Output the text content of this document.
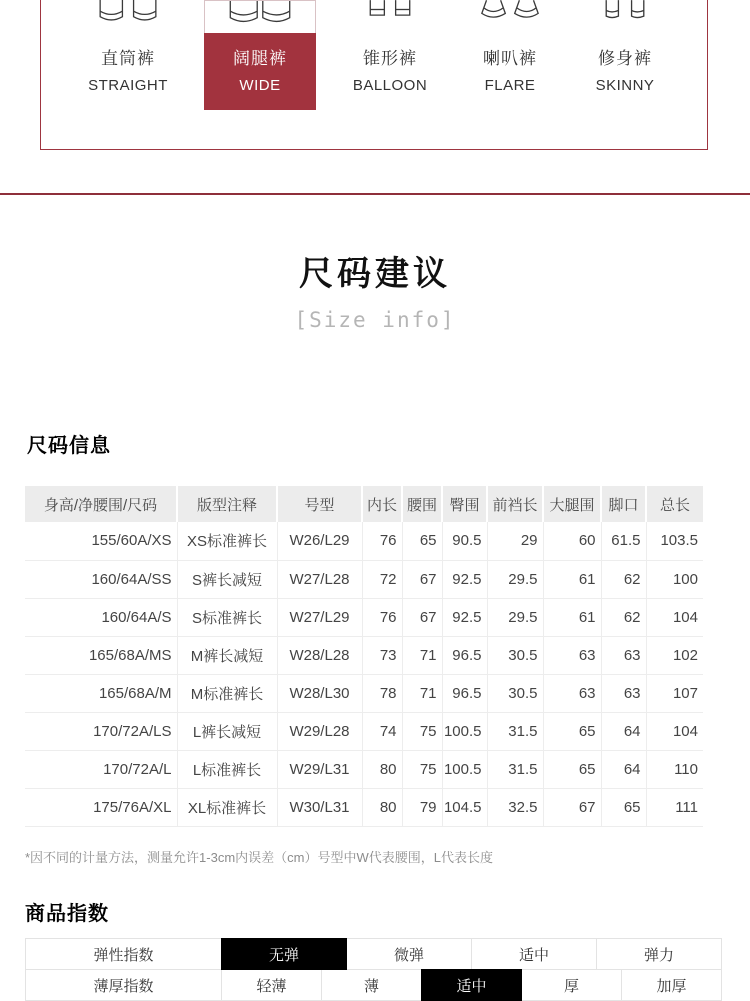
直筒裤
STRAIGHT
阔腿裤
WIDE
锥形裤
BALLOON
喇叭裤
FLARE
修身裤
SKINNY
尺码建议
[Size info]
尺码信息
身高/净腰围/尺码	版型注释	号型	内长	腰围	臀围	前裆长	大腿围	脚口	总长
155/60A/XS	XS标准裤长	W26/L29	76	65	90.5	29	60	61.5	103.5
160/64A/SS	S裤长减短	W27/L28	72	67	92.5	29.5	61	62	100
160/64A/S	S标准裤长	W27/L29	76	67	92.5	29.5	61	62	104
165/68A/MS	M裤长减短	W28/L28	73	71	96.5	30.5	63	63	102
165/68A/M	M标准裤长	W28/L30	78	71	96.5	30.5	63	63	107
170/72A/LS	L裤长减短	W29/L28	74	75	100.5	31.5	65	64	104
170/72A/L	L标准裤长	W29/L31	80	75	100.5	31.5	65	64	110
175/76A/XL	XL标准裤长	W30/L31	80	79	104.5	32.5	67	65	111
*因不同的计量方法，测量允许1-3cm内误差（cm）号型中W代表腰围，L代表长度
商品指数
弹性指数	无弹	微弹	适中	弹力
薄厚指数	轻薄	薄	适中	厚	加厚
